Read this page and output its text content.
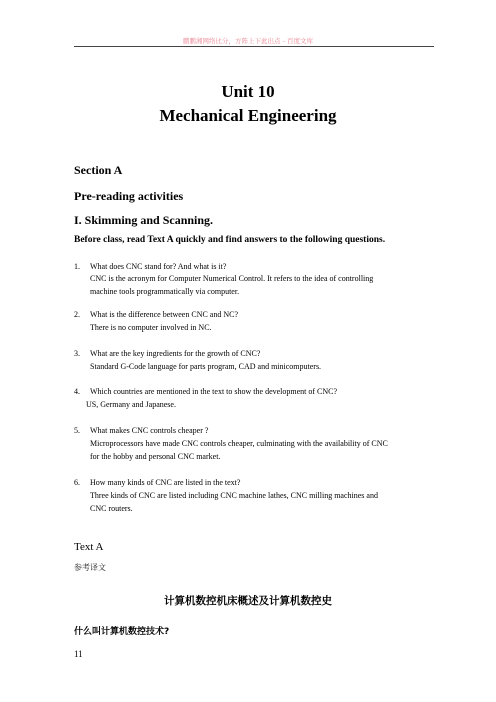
鹏鹏湘网络比分，方阵上下此出点 - 百度文库
Unit 10
Mechanical Engineering
Section A
Pre-reading activities
I. Skimming and Scanning.
Before class, read Text A quickly and find answers to the following questions.
1. What does CNC stand for? And what is it?
CNC is the acronym for Computer Numerical Control. It refers to the idea of controlling
machine tools programmatically via computer.
2. What is the difference between CNC and NC?
There is no computer involved in NC.
3. What are the key ingredients for the growth of CNC?
Standard G-Code language for parts program, CAD and minicomputers.
4. Which countries are mentioned in the text to show the development of CNC?
US, Germany and Japanese.
5. What makes CNC controls cheaper ?
Microprocessors have made CNC controls cheaper, culminating with the availability of CNC
for the hobby and personal CNC market.
6. How many kinds of CNC are listed in the text?
Three kinds of CNC are listed including CNC machine lathes, CNC milling machines and
CNC routers.
Text A
参考译文
计算机数控机床概述及计算机数控史
什么叫计算机数控技术?
11
